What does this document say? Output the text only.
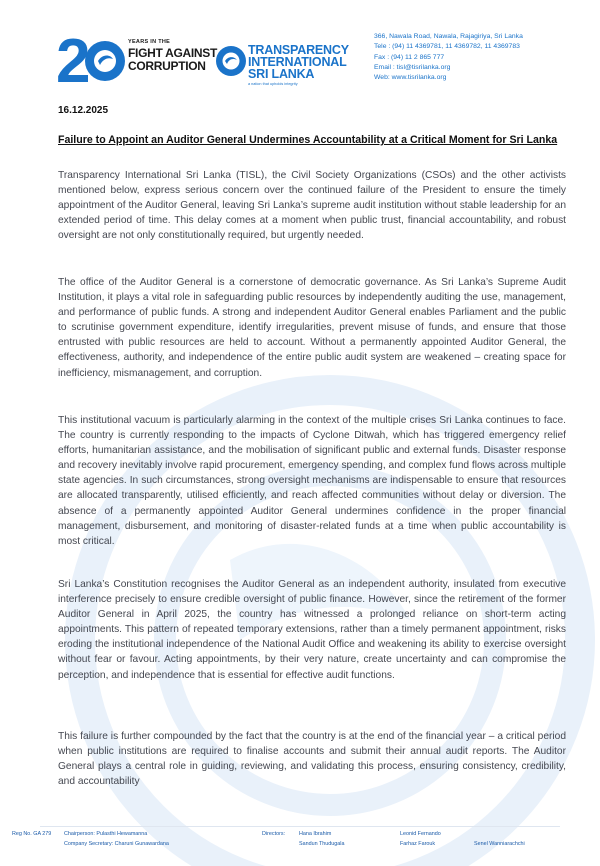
2	YEARS IN THE
FIGHT AGAINST
CORRUPTION
TRANSPARENCY
INTERNATIONAL
SRI LANKA
a nation that upholds integrity
366, Nawala Road, Nawala, Rajagiriya, Sri Lanka
Tele : (94) 11 4369781, 11 4369782, 11 4369783
Fax : (94) 11 2 865 777
Email : tisl@tisrilanka.org
Web: www.tisrilanka.org
16.12.2025
Failure to Appoint an Auditor General Undermines Accountability at a Critical Moment for Sri Lanka

Transparency International Sri Lanka (TISL), the Civil Society Organizations (CSOs) and the other activists mentioned below, express serious concern over the continued failure of the President to ensure the timely appointment of the Auditor General, leaving Sri Lanka’s supreme audit institution without stable leadership for an extended period of time. This delay comes at a moment when public trust, financial accountability, and robust oversight are not only constitutionally required, but urgently needed.

The office of the Auditor General is a cornerstone of democratic governance. As Sri Lanka’s Supreme Audit Institution, it plays a vital role in safeguarding public resources by independently auditing the use, management, and performance of public funds. A strong and independent Auditor General enables Parliament and the public to scrutinise government expenditure, identify irregularities, prevent misuse of funds, and ensure that those entrusted with public resources are held to account. Without a permanently appointed Auditor General, the effectiveness, authority, and independence of the entire public audit system are weakened – creating space for inefficiency, mismanagement, and corruption.

This institutional vacuum is particularly alarming in the context of the multiple crises Sri Lanka continues to face. The country is currently responding to the impacts of Cyclone Ditwah, which has triggered emergency relief efforts, humanitarian assistance, and the mobilisation of significant public and external funds. Disaster response and recovery inevitably involve rapid procurement, emergency spending, and complex fund flows across multiple state agencies. In such circumstances, strong oversight mechanisms are indispensable to ensure that resources are allocated transparently, utilised efficiently, and reach affected communities without delay or diversion. The absence of a permanently appointed Auditor General undermines confidence in the proper financial management, disbursement, and monitoring of disaster-related funds at a time when public accountability is most critical.

Sri Lanka’s Constitution recognises the Auditor General as an independent authority, insulated from executive interference precisely to ensure credible oversight of public finance. However, since the retirement of the former Auditor General in April 2025, the country has witnessed a prolonged reliance on short-term acting appointments. This pattern of repeated temporary extensions, rather than a timely permanent appointment, risks eroding the institutional independence of the National Audit Office and weakening its ability to exercise oversight without fear or favour. Acting appointments, by their very nature, create uncertainty and can compromise the perception, and independence that is essential for effective audit functions.

This failure is further compounded by the fact that the country is at the end of the financial year – a critical period when public institutions are required to finalise accounts and submit their annual audit reports. The Auditor General plays a central role in guiding, reviewing, and validating this process, ensuring consistency, credibility, and accountability

Reg No. GA 279 Chairperson: Pulasthi Hewamanna
Company Secretary: Charuni Gunawardana
Directors:	Hana Ibrahim
Sandun Thudugala
Leonid Fernando
Farhaz Farouk	Senel Wanniarachchi
